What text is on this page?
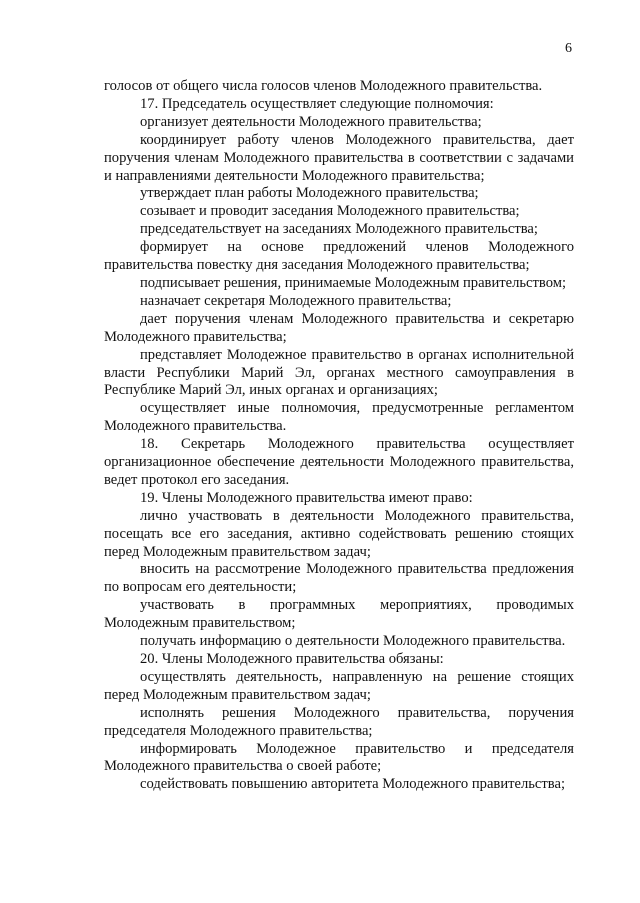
6

голосов от общего числа голосов членов Молодежного правительства.

17. Председатель осуществляет следующие полномочия:

организует деятельности Молодежного правительства;

координирует работу членов Молодежного правительства, дает поручения членам Молодежного правительства в соответствии с задачами и направлениями деятельности Молодежного правительства;

утверждает план работы Молодежного правительства;

созывает и проводит заседания Молодежного правительства;

председательствует на заседаниях Молодежного правительства;

формирует на основе предложений членов Молодежного правительства повестку дня заседания Молодежного правительства;

подписывает решения, принимаемые Молодежным правительством;

назначает секретаря Молодежного правительства;

дает поручения членам Молодежного правительства и секретарю Молодежного правительства;

представляет Молодежное правительство в органах исполнительной власти Республики Марий Эл, органах местного самоуправления в Республике Марий Эл, иных органах и организациях;

осуществляет иные полномочия, предусмотренные регламентом Молодежного правительства.

18. Секретарь Молодежного правительства осуществляет организационное обеспечение деятельности Молодежного правительства, ведет протокол его заседания.

19. Члены Молодежного правительства имеют право:

лично участвовать в деятельности Молодежного правительства, посещать все его заседания, активно содействовать решению стоящих перед Молодежным правительством задач;

вносить на рассмотрение Молодежного правительства предложения по вопросам его деятельности;

участвовать в программных мероприятиях, проводимых Молодежным правительством;

получать информацию о деятельности Молодежного правительства.

20. Члены Молодежного правительства обязаны:

осуществлять деятельность, направленную на решение стоящих перед Молодежным правительством задач;

исполнять решения Молодежного правительства, поручения председателя Молодежного правительства;

информировать Молодежное правительство и председателя Молодежного правительства о своей работе;

содействовать повышению авторитета Молодежного правительства;
